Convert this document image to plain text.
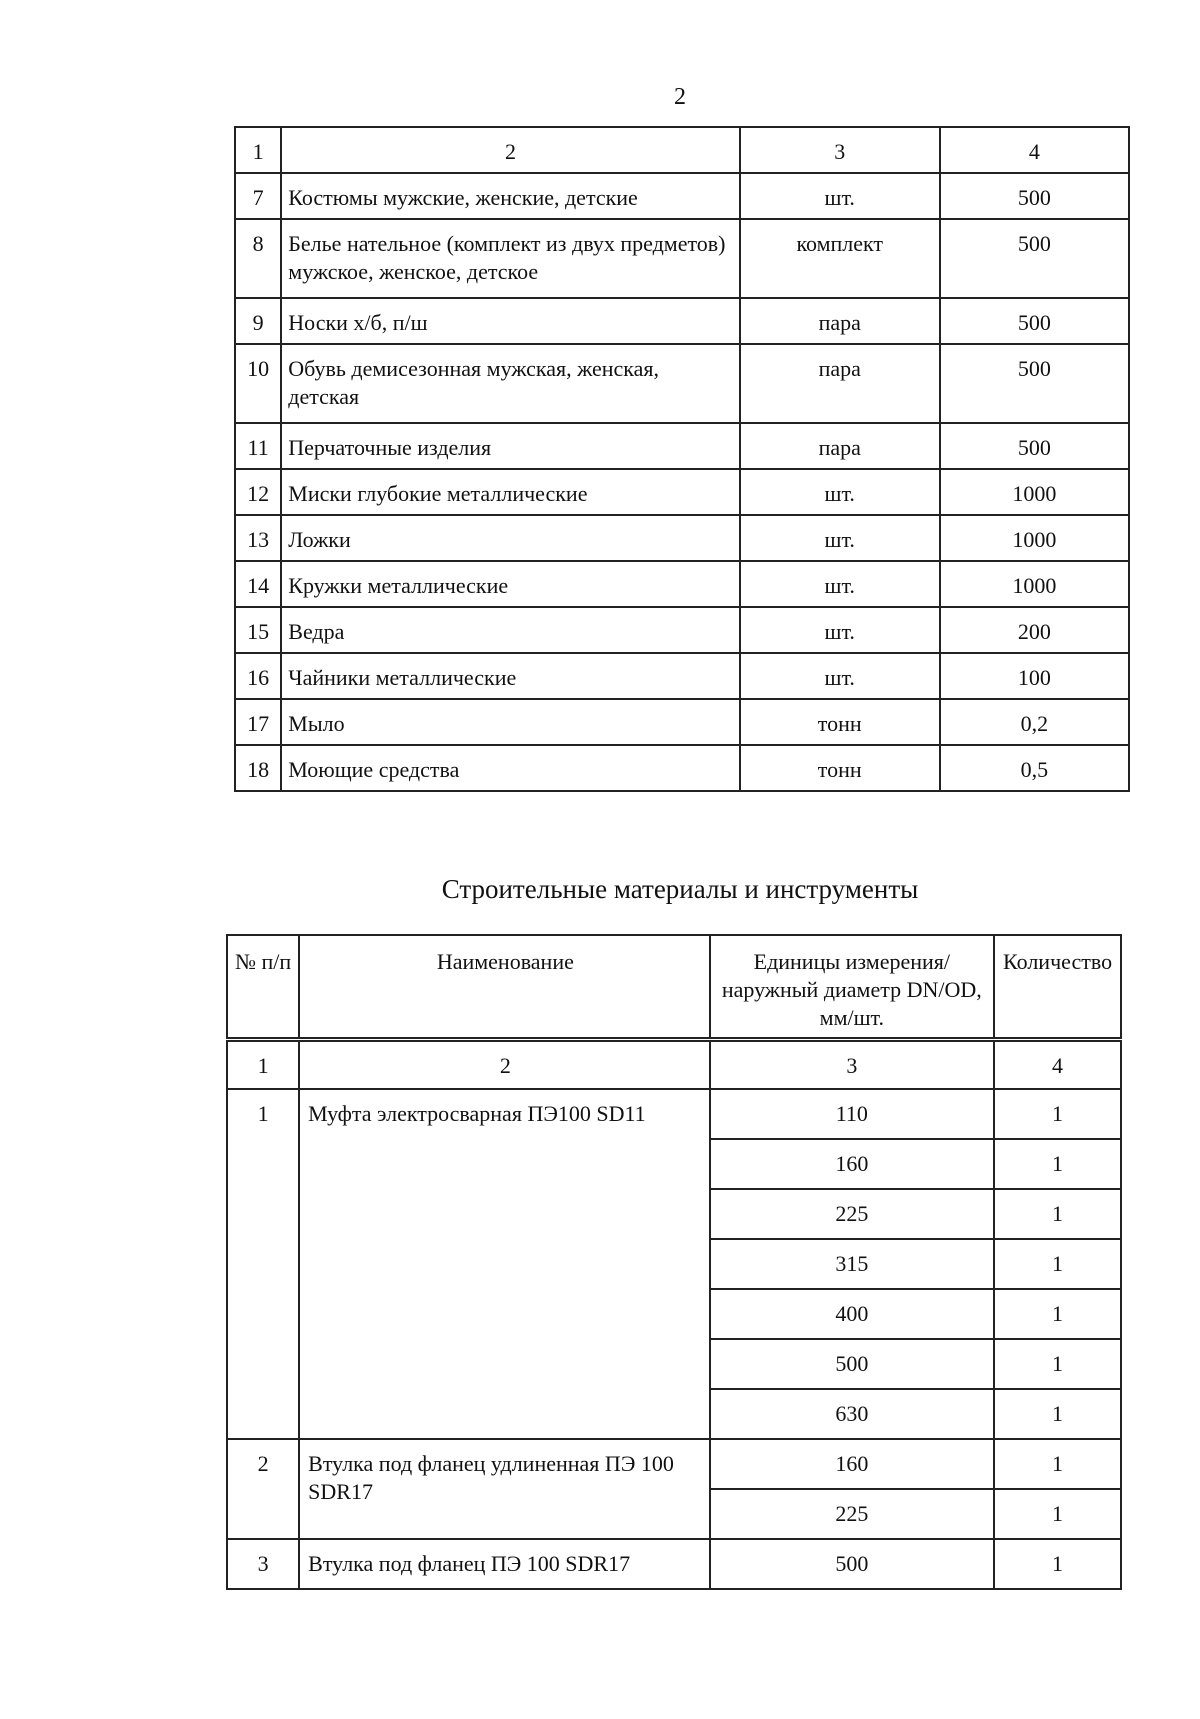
2
1	2	3	4
7	Костюмы мужские, женские, детские	шт.	500
8	Белье нательное (комплект из двух предметов) мужское, женское, детское	комплект	500
9	Носки х/б, п/ш	пара	500
10	Обувь демисезонная мужская, женская, детская	пара	500
11	Перчаточные изделия	пара	500
12	Миски глубокие металлические	шт.	1000
13	Ложки	шт.	1000
14	Кружки металлические	шт.	1000
15	Ведра	шт.	200
16	Чайники металлические	шт.	100
17	Мыло	тонн	0,2
18	Моющие средства	тонн	0,5
Строительные материалы и инструменты
№ п/п	Наименование	Единицы измерения/ наружный диаметр DN/OD, мм/шт.	Количество
1	2	3	4
1	Муфта электросварная ПЭ100 SD11	110	1
		160	1
		225	1
		315	1
		400	1
		500	1
		630	1
2	Втулка под фланец удлиненная ПЭ 100 SDR17	160	1
		225	1
3	Втулка под фланец ПЭ 100 SDR17	500	1
